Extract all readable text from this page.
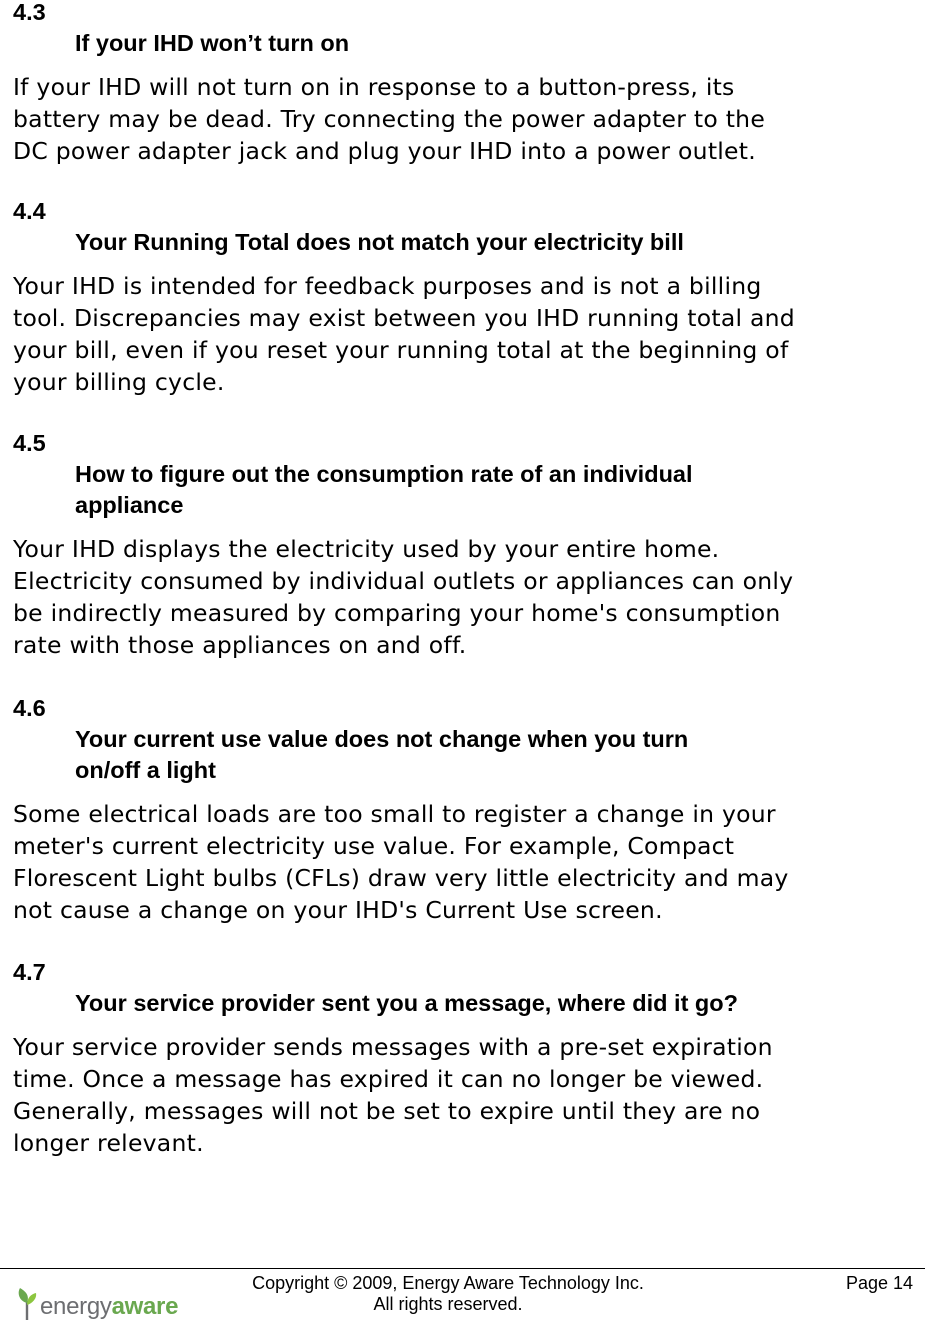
4.3
If your IHD won’t turn on

If your IHD will not turn on in response to a button-press, its
battery may be dead. Try connecting the power adapter to the
DC power adapter jack and plug your IHD into a power outlet.

4.4
Your Running Total does not match your electricity bill

Your IHD is intended for feedback purposes and is not a billing
tool. Discrepancies may exist between you IHD running total and
your bill, even if you reset your running total at the beginning of
your billing cycle.

4.5
How to figure out the consumption rate of an individual
appliance

Your IHD displays the electricity used by your entire home.
Electricity consumed by individual outlets or appliances can only
be indirectly measured by comparing your home's consumption
rate with those appliances on and off.

4.6
Your current use value does not change when you turn
on/off a light

Some electrical loads are too small to register a change in your
meter's current electricity use value. For example, Compact
Florescent Light bulbs (CFLs) draw very little electricity and may
not cause a change on your IHD's Current Use screen.

4.7
Your service provider sent you a message, where did it go?

Your service provider sends messages with a pre-set expiration
time. Once a message has expired it can no longer be viewed.
Generally, messages will not be set to expire until they are no
longer relevant.

energyaware
Copyright © 2009, Energy Aware Technology Inc.
All rights reserved.
Page 14
